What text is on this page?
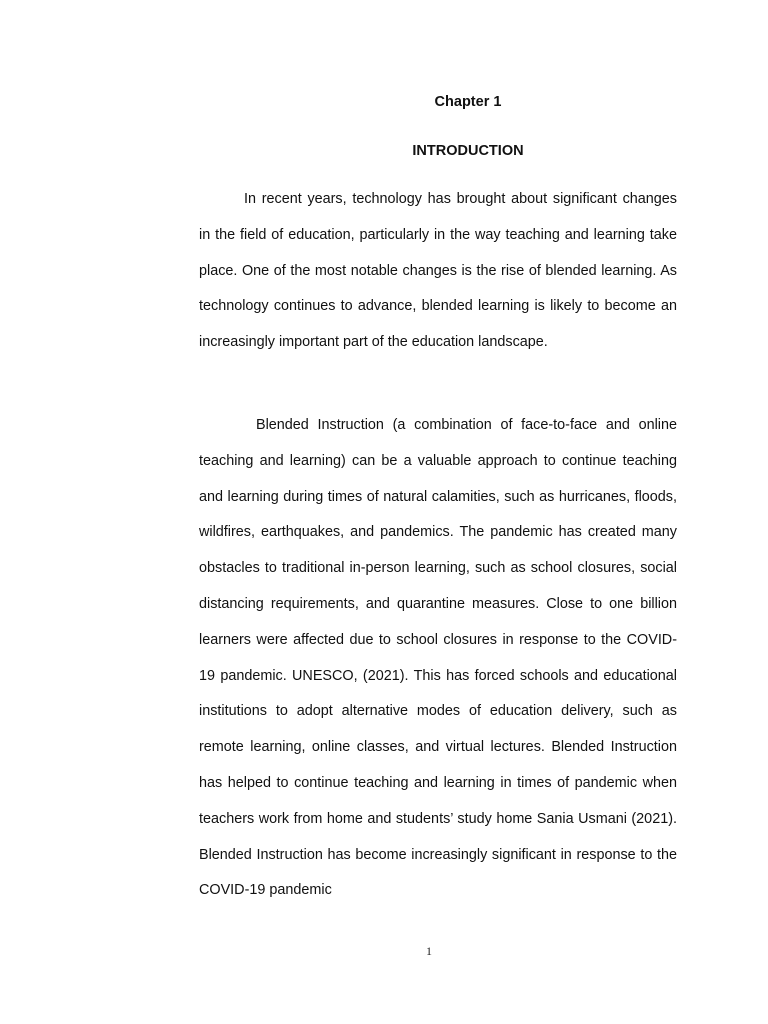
Chapter 1
INTRODUCTION

In recent years, technology has brought about significant changes in the field of education, particularly in the way teaching and learning take place. One of the most notable changes is the rise of blended learning. As technology continues to advance, blended learning is likely to become an increasingly important part of the education landscape.

Blended Instruction (a combination of face-to-face and online teaching and learning) can be a valuable approach to continue teaching and learning during times of natural calamities, such as hurricanes, floods, wildfires, earthquakes, and pandemics. The pandemic has created many obstacles to traditional in-person learning, such as school closures, social distancing requirements, and quarantine measures. Close to one billion learners were affected due to school closures in response to the COVID-19 pandemic. UNESCO, (2021). This has forced schools and educational institutions to adopt alternative modes of education delivery, such as remote learning, online classes, and virtual lectures. Blended Instruction has helped to continue teaching and learning in times of pandemic when teachers work from home and students’ study home Sania Usmani (2021). Blended Instruction has become increasingly significant in response to the COVID-19 pandemic

1
